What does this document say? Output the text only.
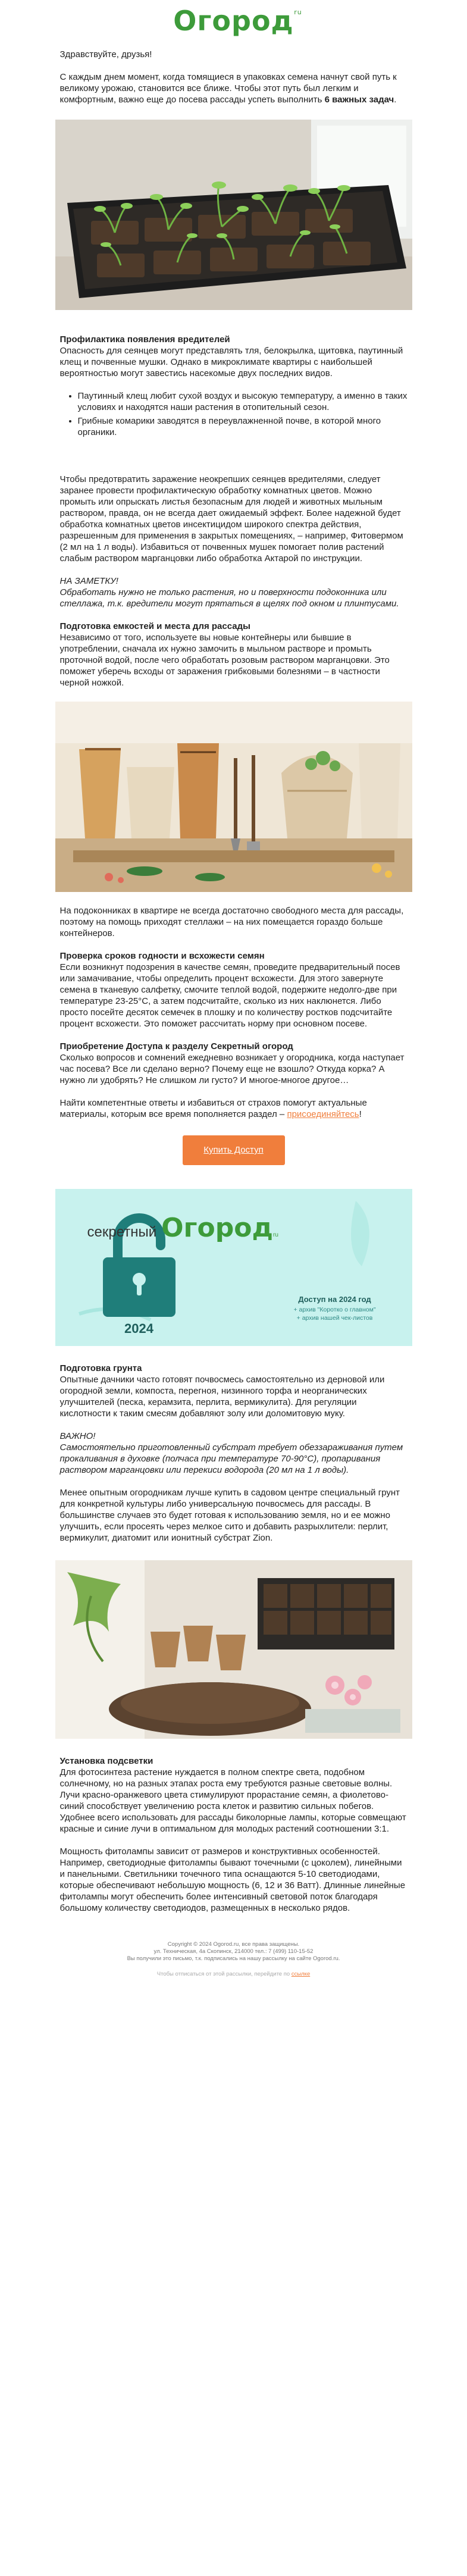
Огород ru

Здравствуйте, друзья!

С каждым днем момент, когда томящиеся в упаковках семена начнут свой путь к великому урожаю, становится все ближе. Чтобы этот путь был легким и комфортным, важно еще до посева рассады успеть выполнить 6 важных задач.

Профилактика появления вредителей

Опасность для сеянцев могут представлять тля, белокрылка, щитовка, паутинный клещ и почвенные мушки. Однако в микроклимате квартиры с наибольшей вероятностью могут завестись насекомые двух последних видов.

• Паутинный клещ любит сухой воздух и высокую температуру, а именно в таких условиях и находятся наши растения в отопительный сезон.
• Грибные комарики заводятся в переувлажненной почве, в которой много органики.

Чтобы предотвратить заражение неокрепших сеянцев вредителями, следует заранее провести профилактическую обработку комнатных цветов. Можно промыть или опрыскать листья безопасным для людей и животных мыльным раствором, правда, он не всегда дает ожидаемый эффект. Более надежной будет обработка комнатных цветов инсектицидом широкого спектра действия, разрешенным для применения в закрытых помещениях, – например, Фитовермом (2 мл на 1 л воды). Избавиться от почвенных мушек помогает полив растений слабым раствором марганцовки либо обработка Актарой по инструкции.

НА ЗАМЕТКУ!

Обработать нужно не только растения, но и поверхности подоконника или стеллажа, т.к. вредители могут прятаться в щелях под окном и плинтусами.

Подготовка емкостей и места для рассады

Независимо от того, используете вы новые контейнеры или бывшие в употреблении, сначала их нужно замочить в мыльном растворе и промыть проточной водой, после чего обработать розовым раствором марганцовки. Это поможет уберечь всходы от заражения грибковыми болезнями – в частности черной ножкой.

На подоконниках в квартире не всегда достаточно свободного места для рассады, поэтому на помощь приходят стеллажи – на них помещается гораздо больше контейнеров.

Проверка сроков годности и всхожести семян

Если возникнут подозрения в качестве семян, проведите предварительный посев или замачивание, чтобы определить процент всхожести. Для этого завернуте семена в тканевую салфетку, смочите теплой водой, подержите недолго-две при температуре 23-25°С, а затем подсчитайте, сколько из них наклюнется. Либо просто посейте десяток семечек в плошку и по количеству ростков подсчитайте процент всхожести. Это поможет рассчитать норму при основном посеве.

Приобретение Доступа к разделу Секретный огород

Сколько вопросов и сомнений ежедневно возникает у огородника, когда наступает час посева? Все ли сделано верно? Почему еще не взошло? Откуда корка? А нужно ли удобрять? Не слишком ли густо? И многое-многое другое…

Найти компетентные ответы и избавиться от страхов помогут актуальные материалы, которым все время пополняется раздел – присоединяйтесь!

Купить Доступ
секретный Огород$_{ru}$
2024
Доступ на 2024 год
+ архив "Коротко о главном"
+ архив нашей чек-листов
Подготовка грунта

Опытные дачники часто готовят почвосмесь самостоятельно из дерновой или огородной земли, компоста, перегноя, низинного торфа и неорганических улучшителей (песка, керамзита, перлита, вермикулита). Для регуляции кислотности к таким смесям добавляют золу или доломитовую муку.

ВАЖНО!

Самостоятельно приготовленный субстрат требует обеззараживания путем прокаливания в духовке (полчаса при температуре 70-90°С), пропаривания раствором марганцовки или перекиси водорода (20 мл на 1 л воды).

Менее опытным огородникам лучше купить в садовом центре специальный грунт для конкретной культуры либо универсальную почвосмесь для рассады. В большинстве случаев это будет готовая к использованию земля, но и ее можно улучшить, если просеять через мелкое сито и добавить разрыхлители: перлит, вермикулит, диатомит или ионитный субстрат Zion.

Установка подсветки

Для фотосинтеза растение нуждается в полном спектре света, подобном солнечному, но на разных этапах роста ему требуются разные световые волны. Лучи красно-оранжевого цвета стимулируют прорастание семян, а фиолетово-синий способствует увеличению роста клеток и развитию сильных побегов. Удобнее всего использовать для рассады биколорные лампы, которые совмещают красные и синие лучи в оптимальном для молодых растений соотношении 3:1.

Мощность фитолампы зависит от размеров и конструктивных особенностей. Например, светодиодные фитолампы бывают точечными (с цоколем), линейными и панельными. Светильники точечного типа оснащаются 5-10 светодиодами, которые обеспечивают небольшую мощность (6, 12 и 36 Ватт). Длинные линейные фитолампы могут обеспечить более интенсивный световой поток благодаря большому количеству светодиодов, размещенных в несколько рядов.

Copyright © 2024 Ogorod.ru, все права защищены.
ул. Техническая, 4а Скопинск, 214000 тел.: 7 (499) 110-15-52
Вы получили это письмо, т.к. подписались на нашу рассылку на сайте Ogorod.ru.
Чтобы отписаться от этой рассылки, перейдите по ссылке
